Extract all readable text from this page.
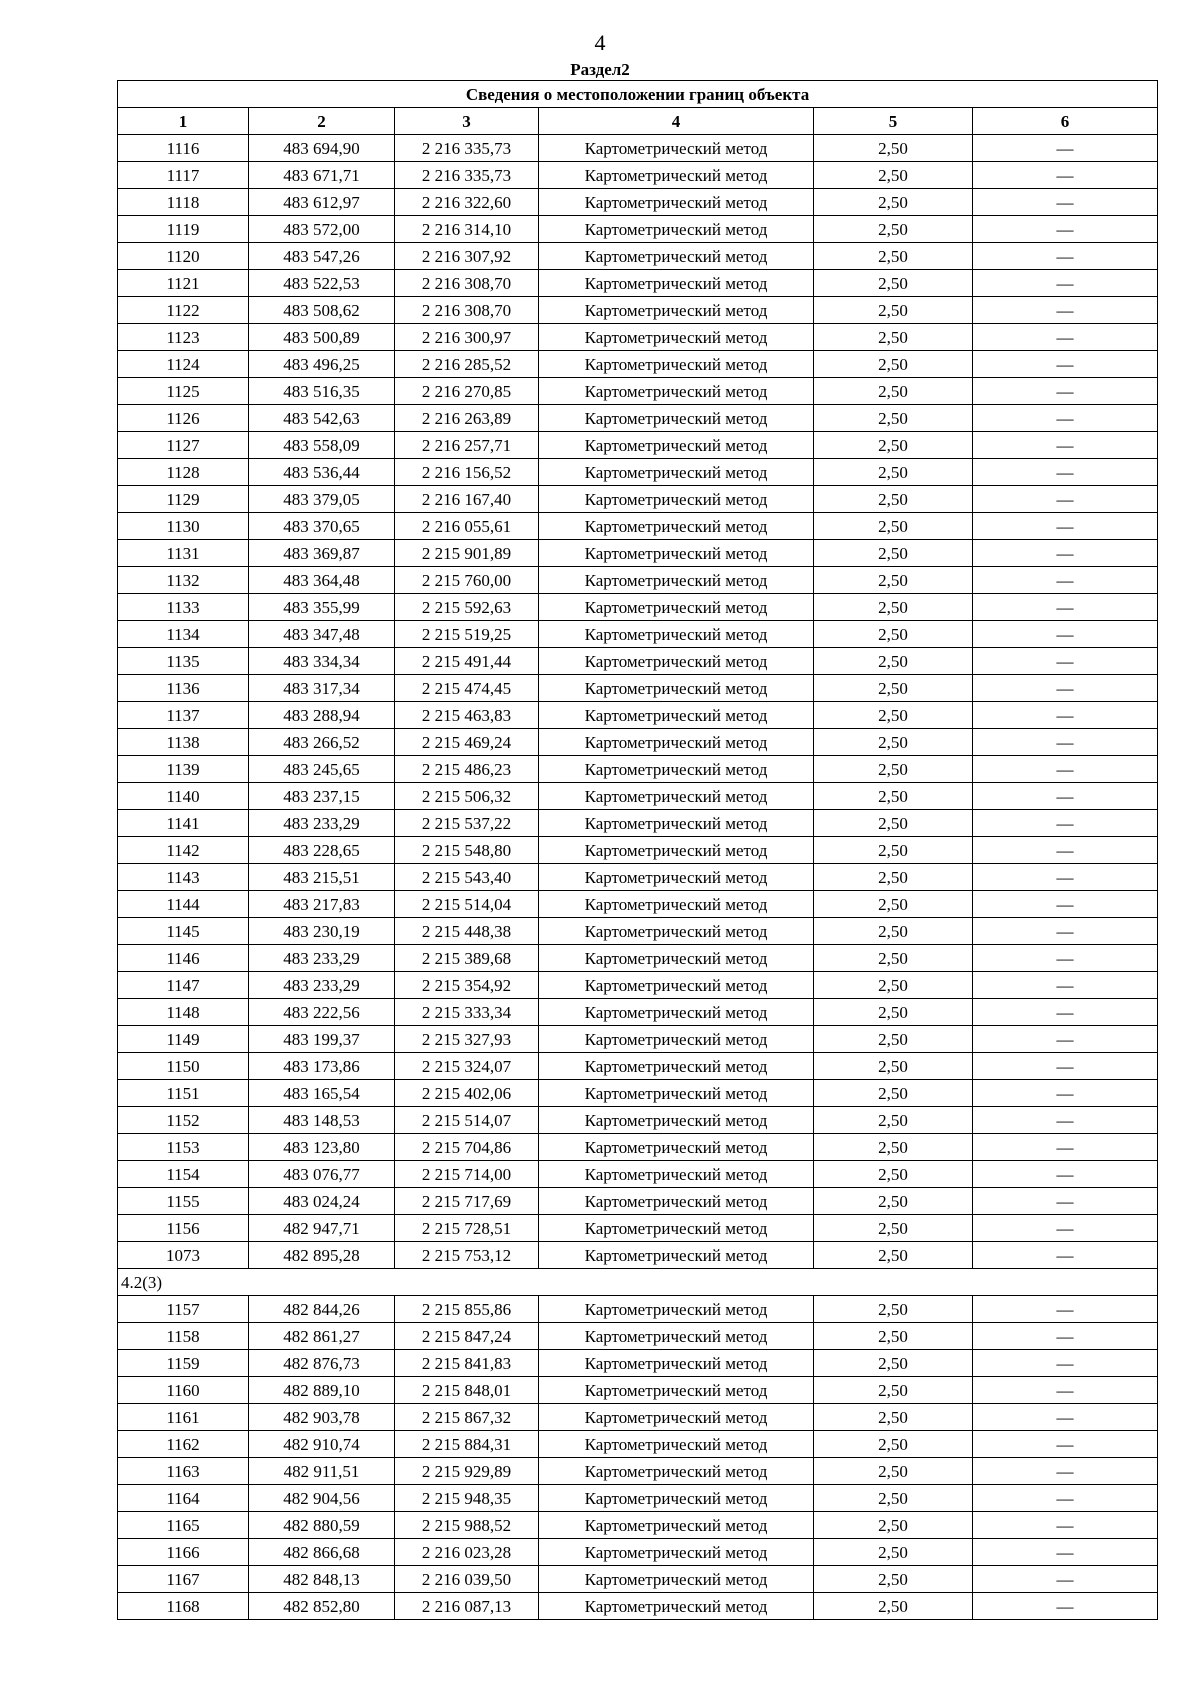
4
Раздел2
Сведения о местоположении границ объекта					
1	2	3	4	5	6
1116	483 694,90	2 216 335,73	Картометрический метод	2,50	—
1117	483 671,71	2 216 335,73	Картометрический метод	2,50	—
1118	483 612,97	2 216 322,60	Картометрический метод	2,50	—
1119	483 572,00	2 216 314,10	Картометрический метод	2,50	—
1120	483 547,26	2 216 307,92	Картометрический метод	2,50	—
1121	483 522,53	2 216 308,70	Картометрический метод	2,50	—
1122	483 508,62	2 216 308,70	Картометрический метод	2,50	—
1123	483 500,89	2 216 300,97	Картометрический метод	2,50	—
1124	483 496,25	2 216 285,52	Картометрический метод	2,50	—
1125	483 516,35	2 216 270,85	Картометрический метод	2,50	—
1126	483 542,63	2 216 263,89	Картометрический метод	2,50	—
1127	483 558,09	2 216 257,71	Картометрический метод	2,50	—
1128	483 536,44	2 216 156,52	Картометрический метод	2,50	—
1129	483 379,05	2 216 167,40	Картометрический метод	2,50	—
1130	483 370,65	2 216 055,61	Картометрический метод	2,50	—
1131	483 369,87	2 215 901,89	Картометрический метод	2,50	—
1132	483 364,48	2 215 760,00	Картометрический метод	2,50	—
1133	483 355,99	2 215 592,63	Картометрический метод	2,50	—
1134	483 347,48	2 215 519,25	Картометрический метод	2,50	—
1135	483 334,34	2 215 491,44	Картометрический метод	2,50	—
1136	483 317,34	2 215 474,45	Картометрический метод	2,50	—
1137	483 288,94	2 215 463,83	Картометрический метод	2,50	—
1138	483 266,52	2 215 469,24	Картометрический метод	2,50	—
1139	483 245,65	2 215 486,23	Картометрический метод	2,50	—
1140	483 237,15	2 215 506,32	Картометрический метод	2,50	—
1141	483 233,29	2 215 537,22	Картометрический метод	2,50	—
1142	483 228,65	2 215 548,80	Картометрический метод	2,50	—
1143	483 215,51	2 215 543,40	Картометрический метод	2,50	—
1144	483 217,83	2 215 514,04	Картометрический метод	2,50	—
1145	483 230,19	2 215 448,38	Картометрический метод	2,50	—
1146	483 233,29	2 215 389,68	Картометрический метод	2,50	—
1147	483 233,29	2 215 354,92	Картометрический метод	2,50	—
1148	483 222,56	2 215 333,34	Картометрический метод	2,50	—
1149	483 199,37	2 215 327,93	Картометрический метод	2,50	—
1150	483 173,86	2 215 324,07	Картометрический метод	2,50	—
1151	483 165,54	2 215 402,06	Картометрический метод	2,50	—
1152	483 148,53	2 215 514,07	Картометрический метод	2,50	—
1153	483 123,80	2 215 704,86	Картометрический метод	2,50	—
1154	483 076,77	2 215 714,00	Картометрический метод	2,50	—
1155	483 024,24	2 215 717,69	Картометрический метод	2,50	—
1156	482 947,71	2 215 728,51	Картометрический метод	2,50	—
1073	482 895,28	2 215 753,12	Картометрический метод	2,50	—
4.2(3)					
1157	482 844,26	2 215 855,86	Картометрический метод	2,50	—
1158	482 861,27	2 215 847,24	Картометрический метод	2,50	—
1159	482 876,73	2 215 841,83	Картометрический метод	2,50	—
1160	482 889,10	2 215 848,01	Картометрический метод	2,50	—
1161	482 903,78	2 215 867,32	Картометрический метод	2,50	—
1162	482 910,74	2 215 884,31	Картометрический метод	2,50	—
1163	482 911,51	2 215 929,89	Картометрический метод	2,50	—
1164	482 904,56	2 215 948,35	Картометрический метод	2,50	—
1165	482 880,59	2 215 988,52	Картометрический метод	2,50	—
1166	482 866,68	2 216 023,28	Картометрический метод	2,50	—
1167	482 848,13	2 216 039,50	Картометрический метод	2,50	—
1168	482 852,80	2 216 087,13	Картометрический метод	2,50	—
